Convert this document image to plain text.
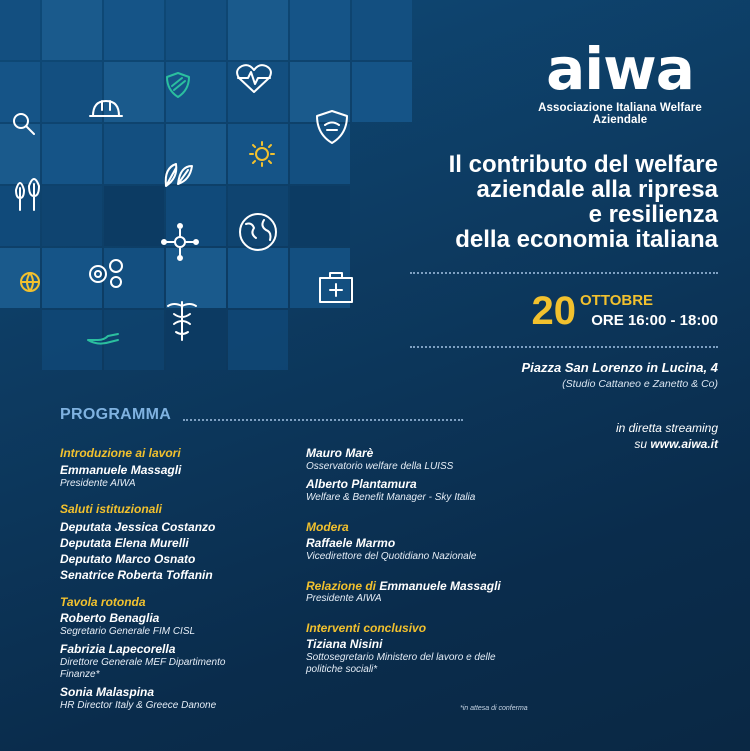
aiwa
Associazione Italiana Welfare Aziendale
Il contributo del welfare
aziendale alla ripresa
e resilienza
della economia italiana
20 OTTOBRE
ORE 16:00 - 18:00
Piazza San Lorenzo in Lucina, 4
(Studio Cattaneo e Zanetto & Co)
in diretta streaming
su www.aiwa.it
PROGRAMMA
Introduzione ai lavori
Emmanuele Massagli
Presidente AIWA
Saluti istituzionali
Deputata Jessica Costanzo
Deputata Elena Murelli
Deputato Marco Osnato
Senatrice Roberta Toffanin
Tavola rotonda
Roberto Benaglia
Segretario Generale FIM CISL
Fabrizia Lapecorella
Direttore Generale MEF Dipartimento
Finanze*
Sonia Malaspina
HR Director Italy & Greece Danone
Mauro Marè
Osservatorio welfare della LUISS
Alberto Plantamura
Welfare & Benefit Manager - Sky Italia
Modera
Raffaele Marmo
Vicedirettore del Quotidiano Nazionale
Relazione di Emmanuele Massagli
Presidente AIWA
Interventi conclusivo
Tiziana Nisini
Sottosegretario Ministero del lavoro e delle
politiche sociali*
*in attesa di conferma
